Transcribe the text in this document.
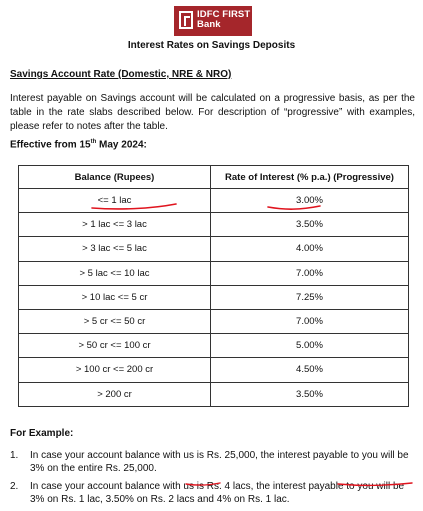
IDFC FIRST
Bank
Interest Rates on Savings Deposits
Savings Account Rate (Domestic, NRE & NRO)
Interest payable on Savings account will be calculated on a progressive basis, as per the table in the rate slabs described below. For description of “progressive” with examples, please refer to notes after the table.
Effective from 15th May 2024:
Balance (Rupees)	Rate of Interest (% p.a.) (Progressive)
<= 1 lac	3.00%
> 1 lac <= 3 lac	3.50%
> 3 lac <= 5 lac	4.00%
> 5 lac <= 10 lac	7.00%
> 10 lac <= 5 cr	7.25%
> 5 cr <= 50 cr	7.00%
> 50 cr <= 100 cr	5.00%
> 100 cr <= 200 cr	4.50%
> 200 cr	3.50%
For Example:
1. In case your account balance with us is Rs. 25,000, the interest payable to you will be 3% on the entire Rs. 25,000.
2. In case your account balance with us is Rs. 4 lacs, the interest payable to you will be 3% on Rs. 1 lac, 3.50% on Rs. 2 lacs and 4% on Rs. 1 lac.
